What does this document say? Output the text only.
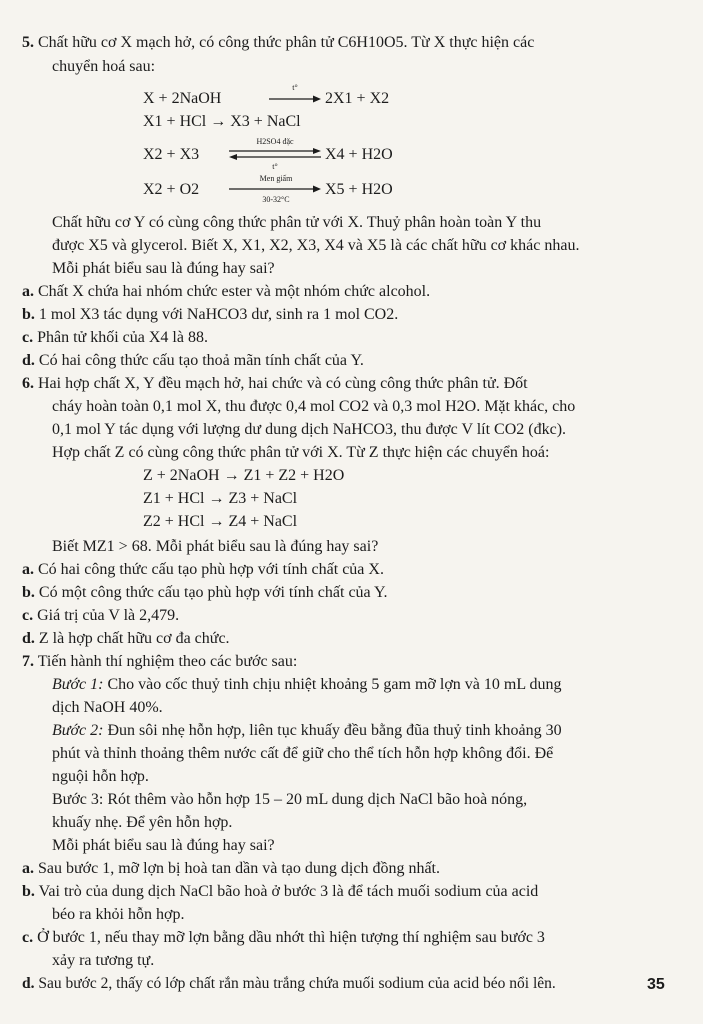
5. Chất hữu cơ X mạch hở, có công thức phân tử C6H10O5. Từ X thực hiện các
chuyển hoá sau:
X + 2NaOH
t°
2X1 + X2
X1 + HCl → X3 + NaCl
X2 + X3
H2SO4 đặc
t°
X4 + H2O
X2 + O2
Men giấm
30-32°C
X5 + H2O
Chất hữu cơ Y có cùng công thức phân tử với X. Thuỷ phân hoàn toàn Y thu
được X5 và glycerol. Biết X, X1, X2, X3, X4 và X5 là các chất hữu cơ khác nhau.
Mỗi phát biểu sau là đúng hay sai?
a. Chất X chứa hai nhóm chức ester và một nhóm chức alcohol.
b. 1 mol X3 tác dụng với NaHCO3 dư, sinh ra 1 mol CO2.
c. Phân tử khối của X4 là 88.
d. Có hai công thức cấu tạo thoả mãn tính chất của Y.
6. Hai hợp chất X, Y đều mạch hở, hai chức và có cùng công thức phân tử. Đốt
cháy hoàn toàn 0,1 mol X, thu được 0,4 mol CO2 và 0,3 mol H2O. Mặt khác, cho
0,1 mol Y tác dụng với lượng dư dung dịch NaHCO3, thu được V lít CO2 (đkc).
Hợp chất Z có cùng công thức phân tử với X. Từ Z thực hiện các chuyển hoá:
Z + 2NaOH → Z1 + Z2 + H2O
Z1 + HCl → Z3 + NaCl
Z2 + HCl → Z4 + NaCl
Biết MZ1 > 68. Mỗi phát biểu sau là đúng hay sai?
a. Có hai công thức cấu tạo phù hợp với tính chất của X.
b. Có một công thức cấu tạo phù hợp với tính chất của Y.
c. Giá trị của V là 2,479.
d. Z là hợp chất hữu cơ đa chức.
7. Tiến hành thí nghiệm theo các bước sau:
Bước 1: Cho vào cốc thuỷ tinh chịu nhiệt khoảng 5 gam mỡ lợn và 10 mL dung
dịch NaOH 40%.
Bước 2: Đun sôi nhẹ hỗn hợp, liên tục khuấy đều bằng đũa thuỷ tinh khoảng 30
phút và thỉnh thoảng thêm nước cất để giữ cho thể tích hỗn hợp không đổi. Để
nguội hỗn hợp.
Bước 3: Rót thêm vào hỗn hợp 15 – 20 mL dung dịch NaCl bão hoà nóng,
khuấy nhẹ. Để yên hỗn hợp.
Mỗi phát biểu sau là đúng hay sai?
a. Sau bước 1, mỡ lợn bị hoà tan dần và tạo dung dịch đồng nhất.
b. Vai trò của dung dịch NaCl bão hoà ở bước 3 là để tách muối sodium của acid
béo ra khỏi hỗn hợp.
c. Ở bước 1, nếu thay mỡ lợn bằng dầu nhớt thì hiện tượng thí nghiệm sau bước 3
xảy ra tương tự.
d. Sau bước 2, thấy có lớp chất rắn màu trắng chứa muối sodium của acid béo nổi lên.	35
